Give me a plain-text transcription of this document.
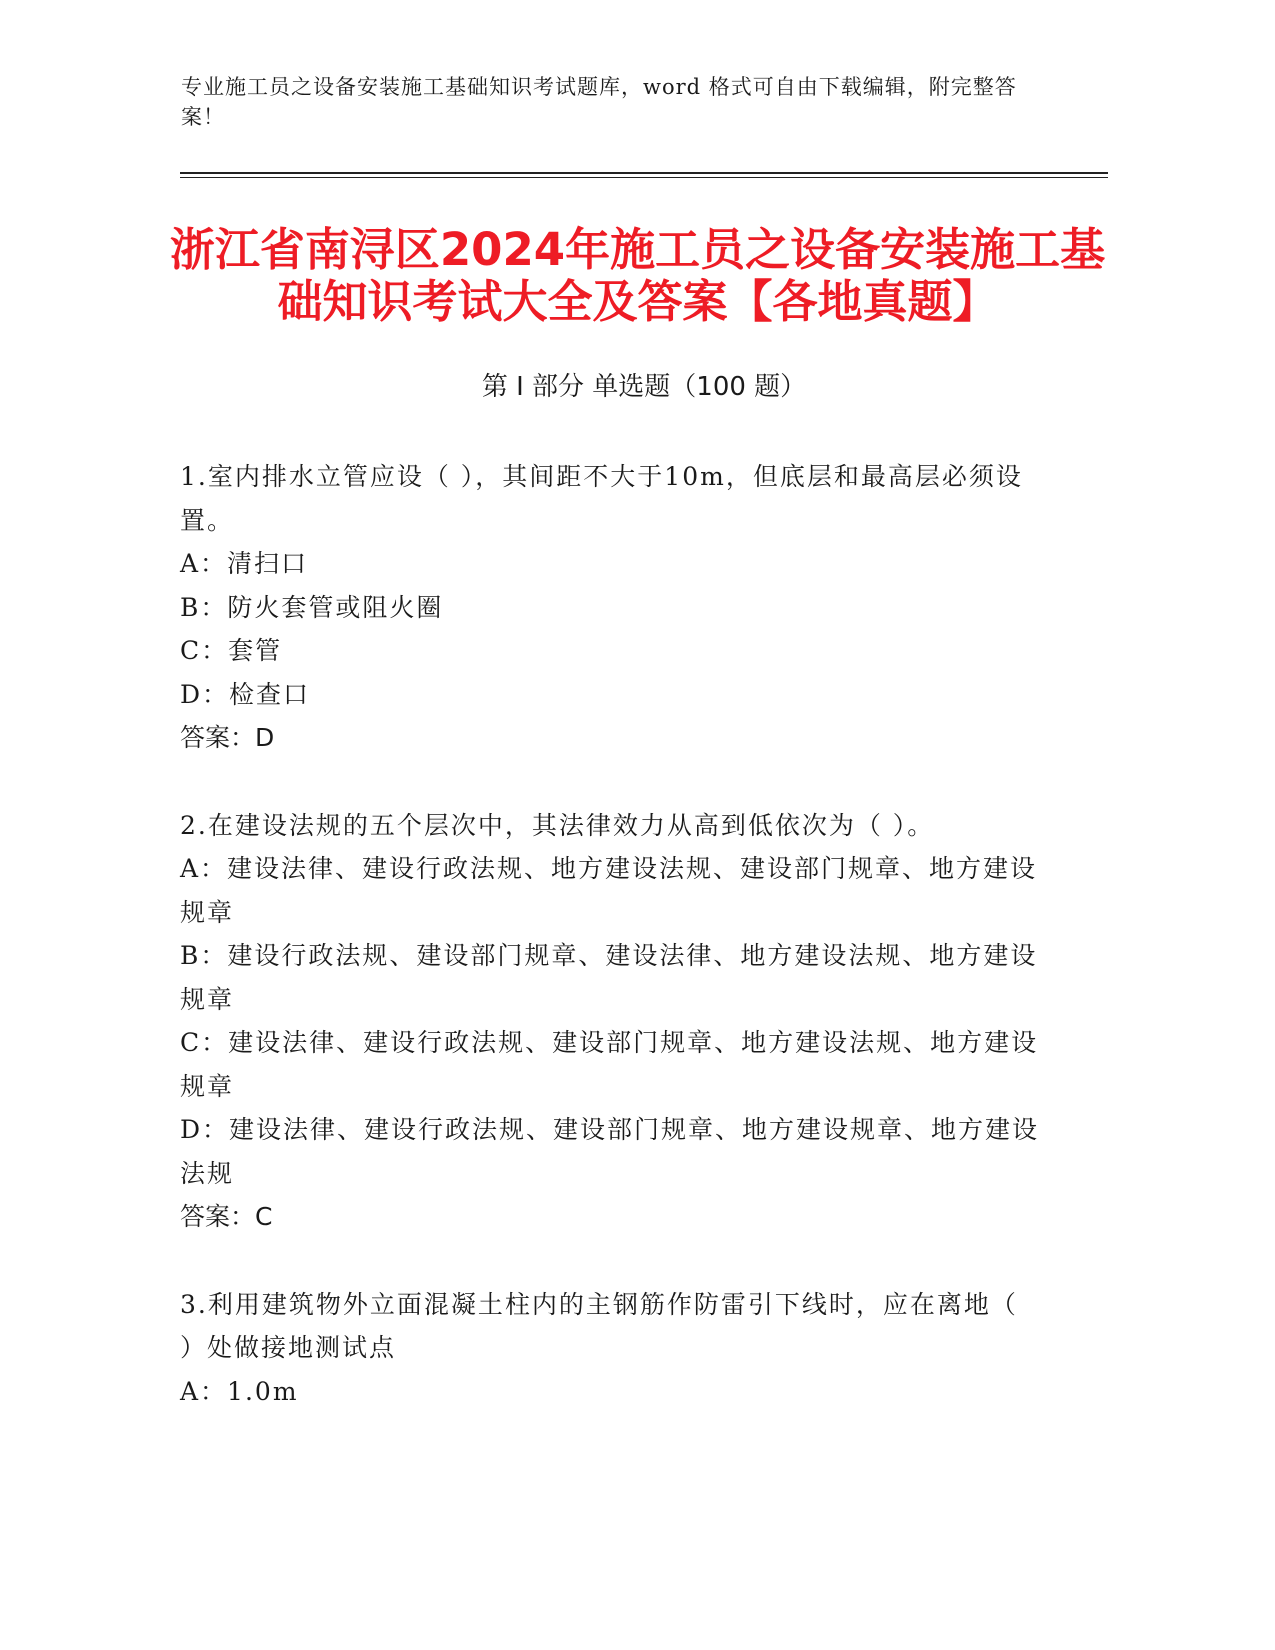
专业施工员之设备安装施工基础知识考试题库，word 格式可自由下载编辑，附完整答案！
浙江省南浔区2024年施工员之设备安装施工基础知识考试大全及答案【各地真题】
第 I 部分 单选题（100 题）
1.室内排水立管应设（ ），其间距不大于10m，但底层和最高层必须设置。
A：清扫口
B：防火套管或阻火圈
C：套管
D：检查口
答案：D
2.在建设法规的五个层次中，其法律效力从高到低依次为（ ）。
A：建设法律、建设行政法规、地方建设法规、建设部门规章、地方建设规章
B：建设行政法规、建设部门规章、建设法律、地方建设法规、地方建设规章
C：建设法律、建设行政法规、建设部门规章、地方建设法规、地方建设规章
D：建设法律、建设行政法规、建设部门规章、地方建设规章、地方建设法规
答案：C
3.利用建筑物外立面混凝土柱内的主钢筋作防雷引下线时，应在离地（ ）处做接地测试点
A：1.0m
